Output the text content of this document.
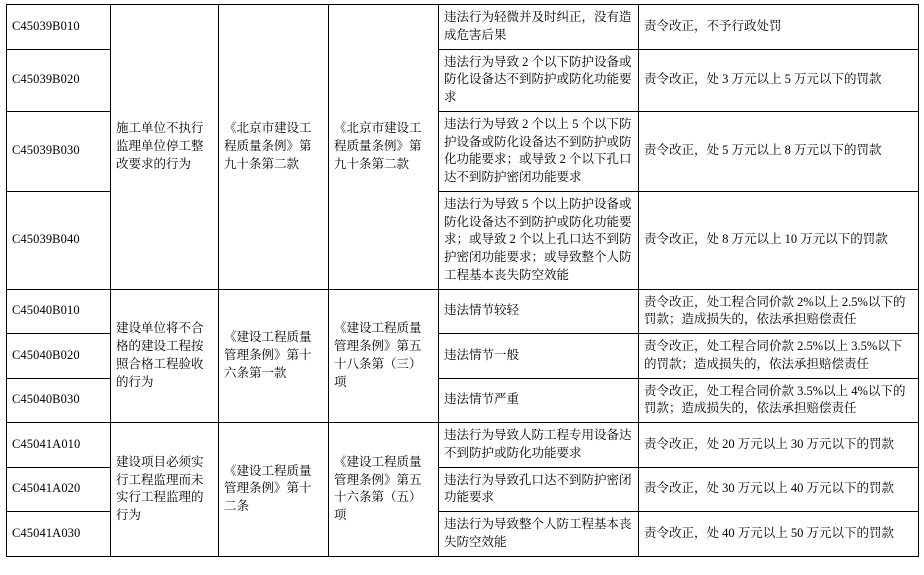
C45039B010	施工单位不执行监理单位停工整改要求的行为	《北京市建设工程质量条例》第九十条第二款	《北京市建设工程质量条例》第九十条第二款	违法行为轻微并及时纠正，没有造成危害后果	责令改正，不予行政处罚
C45039B020				违法行为导致 2 个以下防护设备或防化设备达不到防护或防化功能要求	责令改正，处 3 万元以上 5 万元以下的罚款
C45039B030				违法行为导致 2 个以上 5 个以下防护设备或防化设备达不到防护或防化功能要求；或导致 2 个以下孔口达不到防护密闭功能要求	责令改正，处 5 万元以上 8 万元以下的罚款
C45039B040				违法行为导致 5 个以上防护设备或防化设备达不到防护或防化功能要求；或导致 2 个以上孔口达不到防护密闭功能要求；或导致整个人防工程基本丧失防空效能	责令改正，处 8 万元以上 10 万元以下的罚款
C45040B010	建设单位将不合格的建设工程按照合格工程验收的行为	《建设工程质量管理条例》第十六条第一款	《建设工程质量管理条例》第五十八条第（三）项	违法情节较轻	责令改正，处工程合同价款 2%以上 2.5%以下的罚款；造成损失的，依法承担赔偿责任
C45040B020				违法情节一般	责令改正，处工程合同价款 2.5%以上 3.5%以下的罚款；造成损失的，依法承担赔偿责任
C45040B030				违法情节严重	责令改正，处工程合同价款 3.5%以上 4%以下的罚款；造成损失的，依法承担赔偿责任
C45041A010	建设项目必须实行工程监理而未实行工程监理的行为	《建设工程质量管理条例》第十二条	《建设工程质量管理条例》第五十六条第（五）项	违法行为导致人防工程专用设备达不到防护或防化功能要求	责令改正，处 20 万元以上 30 万元以下的罚款
C45041A020				违法行为导致孔口达不到防护密闭功能要求	责令改正，处 30 万元以上 40 万元以下的罚款
C45041A030				违法行为导致整个人防工程基本丧失防空效能	责令改正，处 40 万元以上 50 万元以下的罚款
